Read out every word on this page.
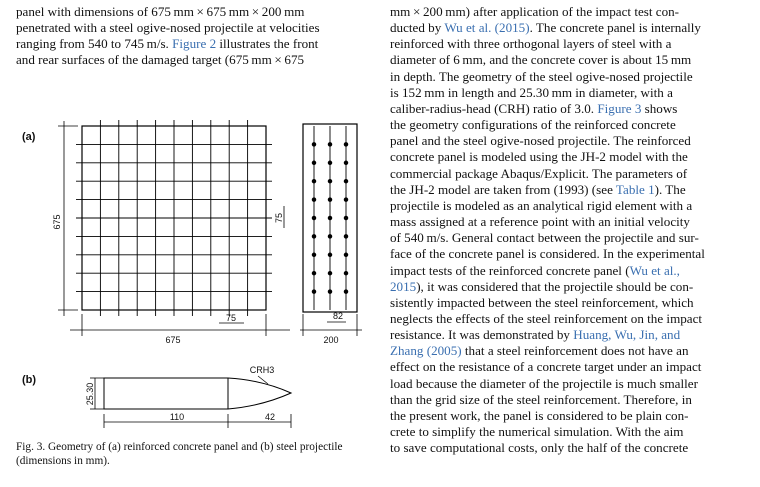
panel with dimensions of 675 mm × 675 mm × 200 mm

penetrated with a steel ogive-nosed projectile at velocities

ranging from 540 to 745 m/s. Figure 2 illustrates the front

and rear surfaces of the damaged target (675 mm × 675

(a)
675	75
75
675
82
200
(b)
25.30
CRH3
110	42
Fig. 3. Geometry of (a) reinforced concrete panel and (b) steel projectile
(dimensions in mm).

mm × 200 mm) after application of the impact test con-

ducted by Wu et al. (2015). The concrete panel is internally

reinforced with three orthogonal layers of steel with a

diameter of 6 mm, and the concrete cover is about 15 mm

in depth. The geometry of the steel ogive-nosed projectile

is 152 mm in length and 25.30 mm in diameter, with a

caliber-radius-head (CRH) ratio of 3.0. Figure 3 shows

the geometry configurations of the reinforced concrete

panel and the steel ogive-nosed projectile. The reinforced

concrete panel is modeled using the JH-2 model with the

commercial package Abaqus/Explicit. The parameters of

the JH-2 model are taken from (1993) (see Table 1). The

projectile is modeled as an analytical rigid element with a

mass assigned at a reference point with an initial velocity

of 540 m/s. General contact between the projectile and sur-

face of the concrete panel is considered. In the experimental

impact tests of the reinforced concrete panel (Wu et al.,

2015), it was considered that the projectile should be con-

sistently impacted between the steel reinforcement, which

neglects the effects of the steel reinforcement on the impact

resistance. It was demonstrated by Huang, Wu, Jin, and

Zhang (2005) that a steel reinforcement does not have an

effect on the resistance of a concrete target under an impact

load because the diameter of the projectile is much smaller

than the grid size of the steel reinforcement. Therefore, in

the present work, the panel is considered to be plain con-

crete to simplify the numerical simulation. With the aim

to save computational costs, only the half of the concrete
